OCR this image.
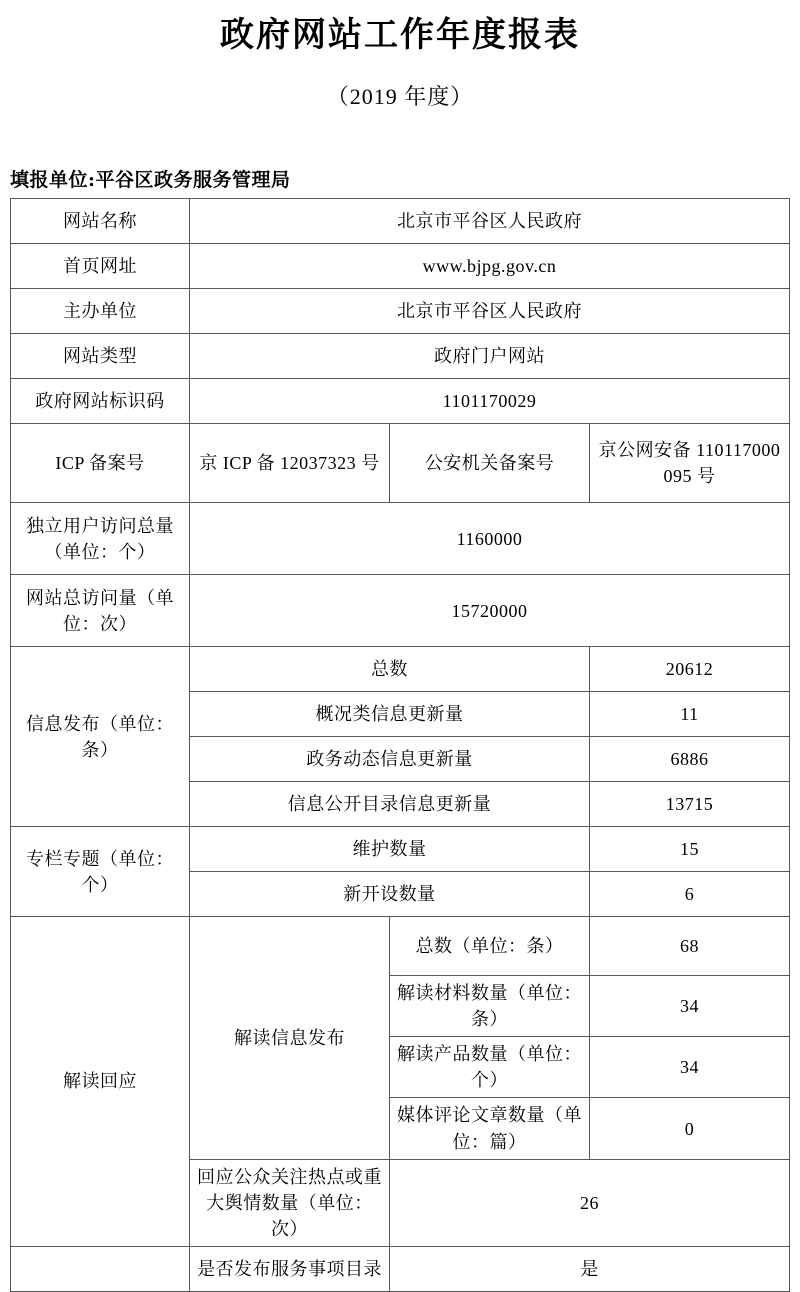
政府网站工作年度报表
（2019 年度）
填报单位:平谷区政务服务管理局
网站名称	北京市平谷区人民政府		
首页网址	www.bjpg.gov.cn		
主办单位	北京市平谷区人民政府		
网站类型	政府门户网站		
政府网站标识码	1101170029		
ICP 备案号	京 ICP 备 12037323 号	公安机关备案号	京公网安备 110117000095 号
独立用户访问总量（单位：个）	1160000		
网站总访问量（单位：次）	15720000		
信息发布（单位：条）	总数		20612
	概况类信息更新量		11
	政务动态信息更新量		6886
	信息公开目录信息更新量		13715
专栏专题（单位：个）	维护数量		15
	新开设数量		6
解读回应	解读信息发布	总数（单位：条）	68
		解读材料数量（单位：条）	34
		解读产品数量（单位：个）	34
		媒体评论文章数量（单位：篇）	0
	回应公众关注热点或重大舆情数量（单位：次）	26	
	是否发布服务事项目录	是	
